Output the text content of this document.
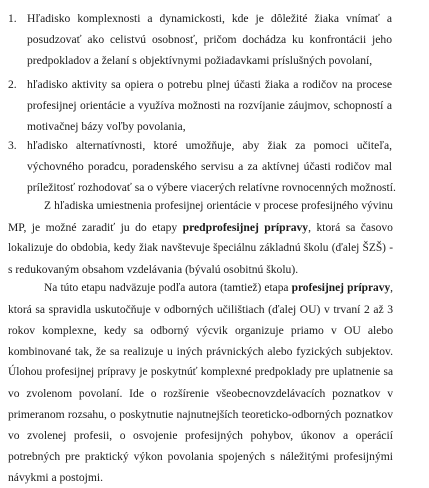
1. Hľadisko komplexnosti a dynamickosti, kde je dôležité žiaka vnímať a
posudzovať ako celistvú osobnosť, pričom dochádza ku konfrontácii jeho
predpokladov a želaní s objektívnymi požiadavkami príslušných povolaní,
2. hľadisko aktivity sa opiera o potrebu plnej účasti žiaka a rodičov na procese
profesijnej orientácie a využíva možnosti na rozvíjanie záujmov, schopností a
motivačnej bázy voľby povolania,
3. hľadisko alternatívnosti, ktoré umožňuje, aby žiak za pomoci učiteľa,
výchovného poradcu, poradenského servisu a za aktívnej účasti rodičov mal
príležitosť rozhodovať sa o výbere viacerých relatívne rovnocenných možností.
Z hľadiska umiestnenia profesijnej orientácie v procese profesijného vývinu
MP, je možné zaradiť ju do etapy predprofesijnej prípravy, ktorá sa časovo
lokalizuje do obdobia, kedy žiak navštevuje špeciálnu základnú školu (ďalej ŠZŠ) -
s redukovaným obsahom vzdelávania (bývalú osobitnú školu).
Na túto etapu nadväzuje podľa autora (tamtiež) etapa profesijnej prípravy,
ktorá sa spravidla uskutočňuje v odborných učilištiach (ďalej OU) v trvaní 2 až 3
rokov komplexne, kedy sa odborný výcvik organizuje priamo v OU alebo
kombinované tak, že sa realizuje u iných právnických alebo fyzických subjektov.
Úlohou profesijnej prípravy je poskytnúť komplexné predpoklady pre uplatnenie sa
vo zvolenom povolaní. Ide o rozšírenie všeobecnovzdelávacích poznatkov v
primeranom rozsahu, o poskytnutie najnutnejších teoreticko-odborných poznatkov
vo zvolenej profesii, o osvojenie profesijných pohybov, úkonov a operácií
potrebných pre praktický výkon povolania spojených s náležitými profesijnými
návykmi a postojmi.
